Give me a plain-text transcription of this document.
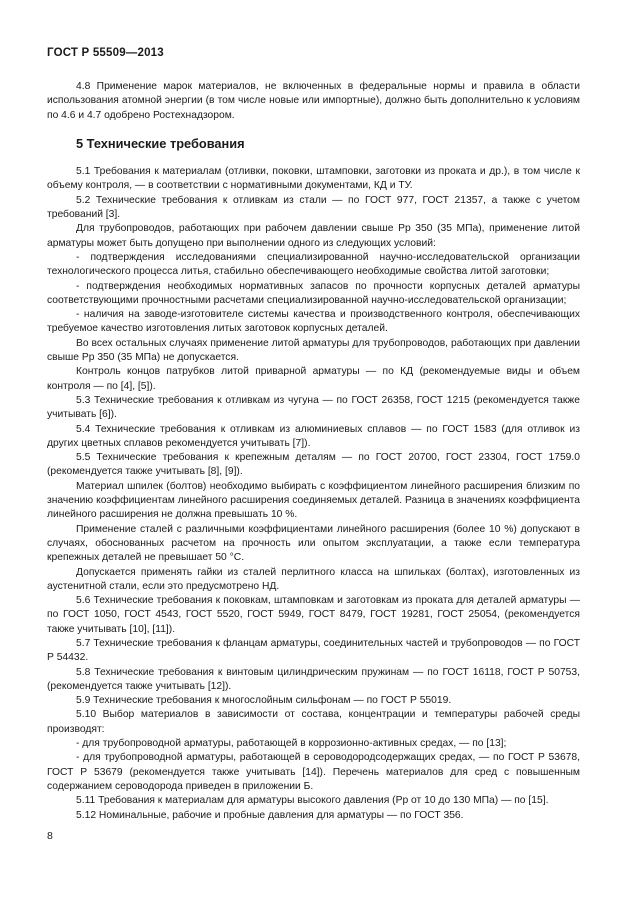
ГОСТ Р 55509—2013

4.8 Применение марок материалов, не включенных в федеральные нормы и правила в области использования атомной энергии (в том числе новые или импортные), должно быть дополнительно к условиям по 4.6 и 4.7 одобрено Ростехнадзором.

5 Технические требования

5.1 Требования к материалам (отливки, поковки, штамповки, заготовки из проката и др.), в том числе к объему контроля, — в соответствии с нормативными документами, КД и ТУ.

5.2 Технические требования к отливкам из стали — по ГОСТ 977, ГОСТ 21357, а также с учетом требований [3].

Для трубопроводов, работающих при рабочем давлении свыше Рр 350 (35 МПа), применение литой арматуры может быть допущено при выполнении одного из следующих условий:

- подтверждения исследованиями специализированной научно-исследовательской организации технологического процесса литья, стабильно обеспечивающего необходимые свойства литой заготовки;

- подтверждения необходимых нормативных запасов по прочности корпусных деталей арматуры соответствующими прочностными расчетами специализированной научно-исследовательской организации;

- наличия на заводе-изготовителе системы качества и производственного контроля, обеспечивающих требуемое качество изготовления литых заготовок корпусных деталей.

Во всех остальных случаях применение литой арматуры для трубопроводов, работающих при давлении свыше Рр 350 (35 МПа) не допускается.

Контроль концов патрубков литой приварной арматуры — по КД (рекомендуемые виды и объем контроля — по [4], [5]).

5.3 Технические требования к отливкам из чугуна — по ГОСТ 26358, ГОСТ 1215 (рекомендуется также учитывать [6]).

5.4 Технические требования к отливкам из алюминиевых сплавов — по ГОСТ 1583 (для отливок из других цветных сплавов рекомендуется учитывать [7]).

5.5 Технические требования к крепежным деталям — по ГОСТ 20700, ГОСТ 23304, ГОСТ 1759.0 (рекомендуется также учитывать [8], [9]).

Материал шпилек (болтов) необходимо выбирать с коэффициентом линейного расширения близким по значению коэффициентам линейного расширения соединяемых деталей. Разница в значениях коэффициента линейного расширения не должна превышать 10 %.

Применение сталей с различными коэффициентами линейного расширения (более 10 %) допускают в случаях, обоснованных расчетом на прочность или опытом эксплуатации, а также если температура крепежных деталей не превышает 50 °С.

Допускается применять гайки из сталей перлитного класса на шпильках (болтах), изготовленных из аустенитной стали, если это предусмотрено НД.

5.6 Технические требования к поковкам, штамповкам и заготовкам из проката для деталей арматуры — по ГОСТ 1050, ГОСТ 4543, ГОСТ 5520, ГОСТ 5949, ГОСТ 8479, ГОСТ 19281, ГОСТ 25054, (рекомендуется также учитывать [10], [11]).

5.7 Технические требования к фланцам арматуры, соединительных частей и трубопроводов — по ГОСТ Р 54432.

5.8 Технические требования к винтовым цилиндрическим пружинам — по ГОСТ 16118, ГОСТ Р 50753, (рекомендуется также учитывать [12]).

5.9 Технические требования к многослойным сильфонам — по ГОСТ Р 55019.

5.10 Выбор материалов в зависимости от состава, концентрации и температуры рабочей среды производят:

- для трубопроводной арматуры, работающей в коррозионно-активных средах, — по [13];

- для трубопроводной арматуры, работающей в сероводородсодержащих средах, — по ГОСТ Р 53678, ГОСТ Р 53679 (рекомендуется также учитывать [14]). Перечень материалов для сред с повышенным содержанием сероводорода приведен в приложении Б.

5.11 Требования к материалам для арматуры высокого давления (Рр от 10 до 130 МПа) — по [15].

5.12 Номинальные, рабочие и пробные давления для арматуры — по ГОСТ 356.

8
